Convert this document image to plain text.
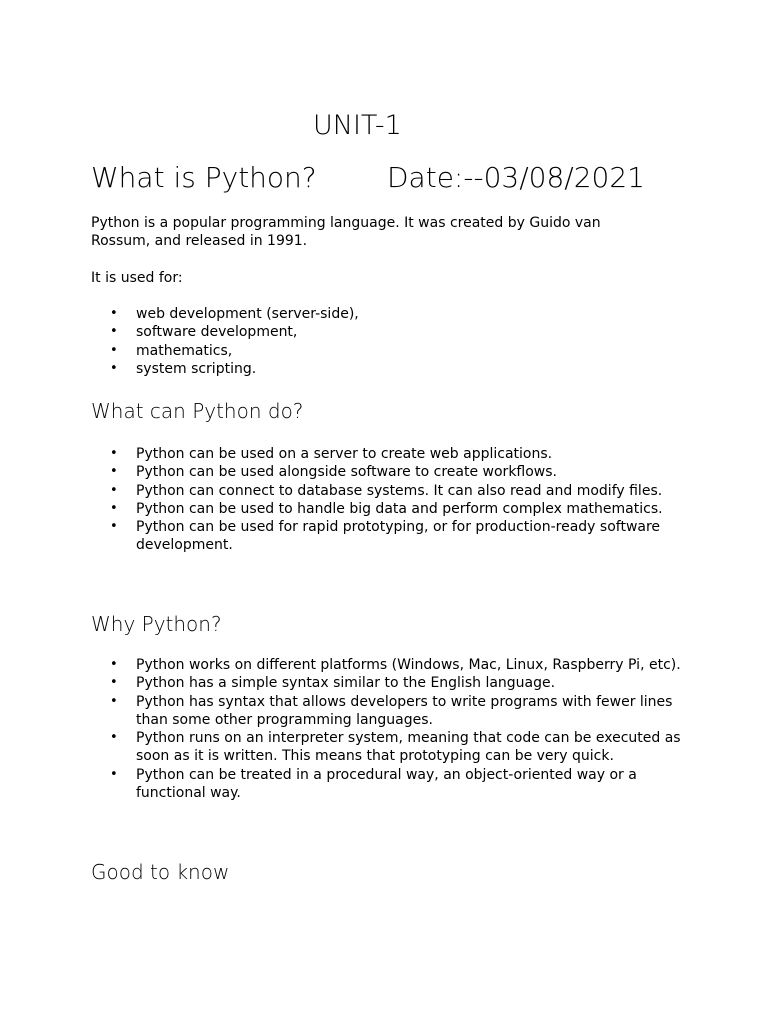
UNIT-1
What is Python?	Date:--03/08/2021

Python is a popular programming language. It was created by Guido van Rossum, and released in 1991.

It is used for:

• web development (server-side),
• software development,
• mathematics,
• system scripting.
What can Python do?
• Python can be used on a server to create web applications.
• Python can be used alongside software to create workflows.
• Python can connect to database systems. It can also read and modify files.
• Python can be used to handle big data and perform complex mathematics.
• Python can be used for rapid prototyping, or for production-ready software development.
Why Python?
• Python works on different platforms (Windows, Mac, Linux, Raspberry Pi, etc).
• Python has a simple syntax similar to the English language.
• Python has syntax that allows developers to write programs with fewer lines than some other programming languages.
• Python runs on an interpreter system, meaning that code can be executed as soon as it is written. This means that prototyping can be very quick.
• Python can be treated in a procedural way, an object-oriented way or a functional way.
Good to know
